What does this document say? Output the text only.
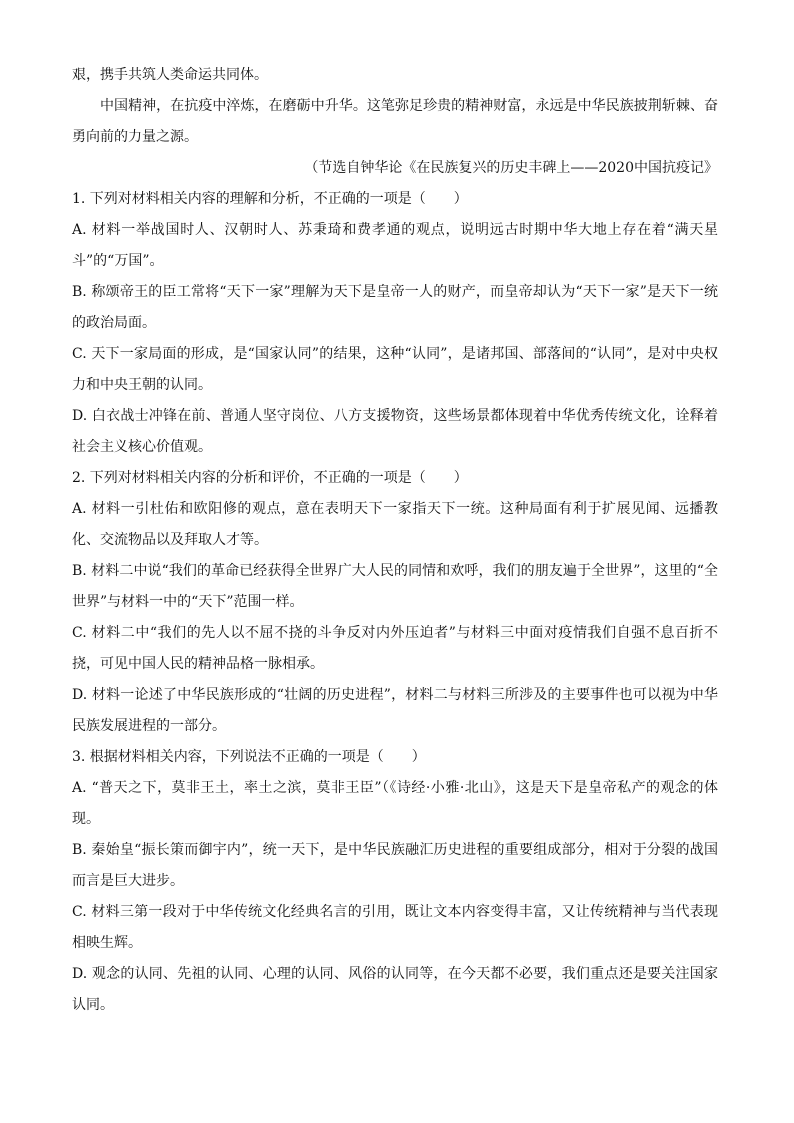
艰，携手共筑人类命运共同体。

中国精神，在抗疫中淬炼，在磨砺中升华。这笔弥足珍贵的精神财富，永远是中华民族披荆斩棘、奋勇向前的力量之源。

（节选自钟华论《在民族复兴的历史丰碑上——2020中国抗疫记》

1. 下列对材料相关内容的理解和分析，不正确的一项是（　　）

A. 材料一举战国时人、汉朝时人、苏秉琦和费孝通的观点，说明远古时期中华大地上存在着“满天星斗”的“万国”。

B. 称颂帝王的臣工常将“天下一家”理解为天下是皇帝一人的财产，而皇帝却认为“天下一家”是天下一统的政治局面。

C. 天下一家局面的形成，是“国家认同”的结果，这种“认同”，是诸邦国、部落间的“认同”，是对中央权力和中央王朝的认同。

D. 白衣战士冲锋在前、普通人坚守岗位、八方支援物资，这些场景都体现着中华优秀传统文化，诠释着社会主义核心价值观。

2. 下列对材料相关内容的分析和评价，不正确的一项是（　　）

A. 材料一引杜佑和欧阳修的观点，意在表明天下一家指天下一统。这种局面有利于扩展见闻、远播教化、交流物品以及拜取人才等。

B. 材料二中说“我们的革命已经获得全世界广大人民的同情和欢呼，我们的朋友遍于全世界”，这里的“全世界”与材料一中的“天下”范围一样。

C. 材料二中“我们的先人以不屈不挠的斗争反对内外压迫者”与材料三中面对疫情我们自强不息百折不挠，可见中国人民的精神品格一脉相承。

D. 材料一论述了中华民族形成的“壮阔的历史进程”，材料二与材料三所涉及的主要事件也可以视为中华民族发展进程的一部分。

3. 根据材料相关内容，下列说法不正确的一项是（　　）

A. “普天之下，莫非王土，率土之滨，莫非王臣”（《诗经·小雅·北山》，这是天下是皇帝私产的观念的体现。

B. 秦始皇“振长策而御宇内”，统一天下，是中华民族融汇历史进程的重要组成部分，相对于分裂的战国而言是巨大进步。

C. 材料三第一段对于中华传统文化经典名言的引用，既让文本内容变得丰富，又让传统精神与当代表现相映生辉。

D. 观念的认同、先祖的认同、心理的认同、风俗的认同等，在今天都不必要，我们重点还是要关注国家认同。
